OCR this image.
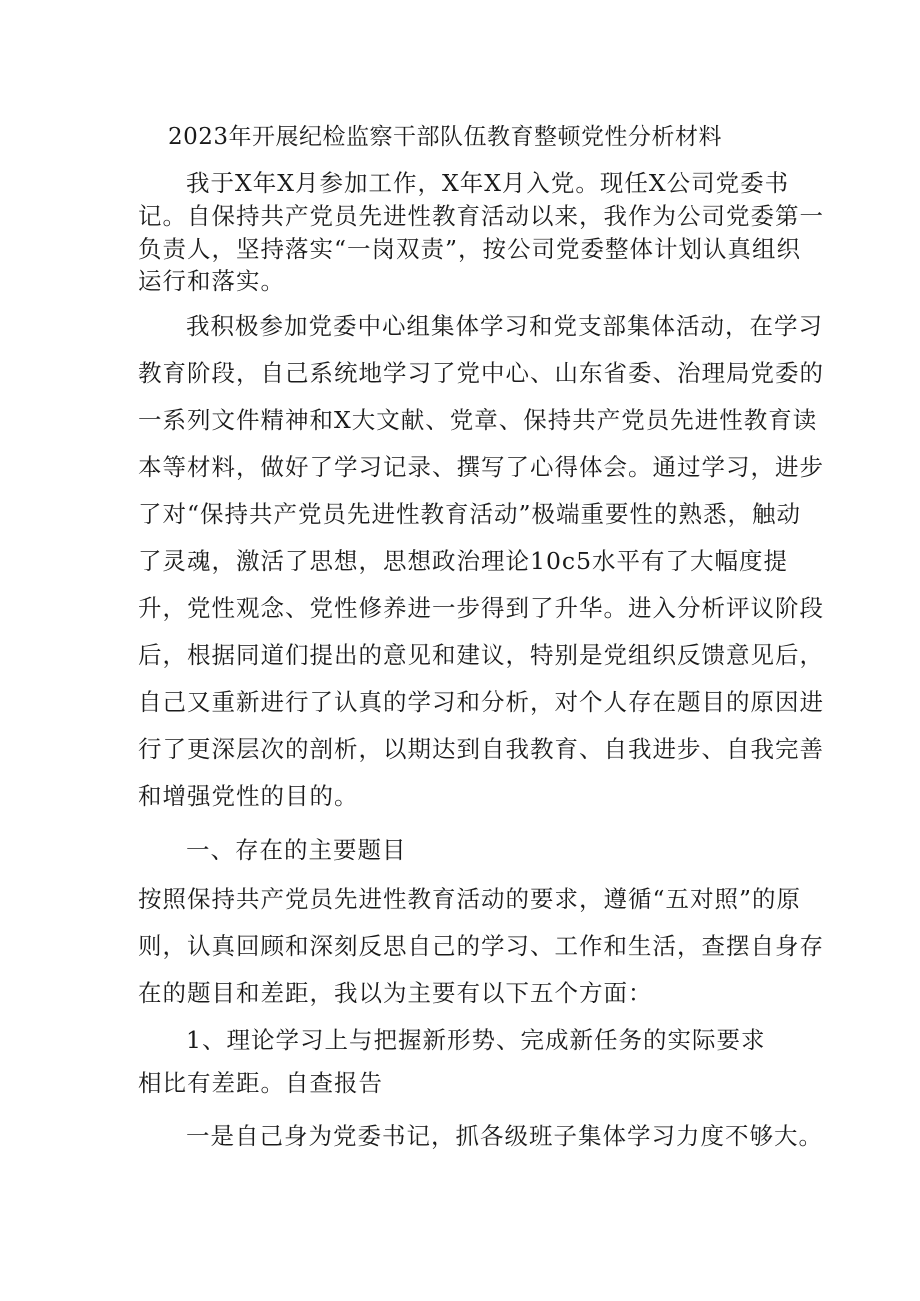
2023年开展纪检监察干部队伍教育整顿党性分析材料
我于X年X月参加工作，X年X月入党。现任X公司党委书
记。自保持共产党员先进性教育活动以来，我作为公司党委第一
负责人，坚持落实“一岗双责”，按公司党委整体计划认真组织
运行和落实。
我积极参加党委中心组集体学习和党支部集体活动，在学习
教育阶段，自己系统地学习了党中心、山东省委、治理局党委的
一系列文件精神和X大文献、党章、保持共产党员先进性教育读
本等材料，做好了学习记录、撰写了心得体会。通过学习，进步
了对“保持共产党员先进性教育活动”极端重要性的熟悉，触动
了灵魂，激活了思想，思想政治理论10c5水平有了大幅度提
升，党性观念、党性修养进一步得到了升华。进入分析评议阶段
后，根据同道们提出的意见和建议，特别是党组织反馈意见后，
自己又重新进行了认真的学习和分析，对个人存在题目的原因进
行了更深层次的剖析，以期达到自我教育、自我进步、自我完善
和增强党性的目的。
一、存在的主要题目
按照保持共产党员先进性教育活动的要求，遵循“五对照”的原
则，认真回顾和深刻反思自己的学习、工作和生活，查摆自身存
在的题目和差距，我以为主要有以下五个方面：
1、理论学习上与把握新形势、完成新任务的实际要求
相比有差距。自查报告
一是自己身为党委书记，抓各级班子集体学习力度不够大。
